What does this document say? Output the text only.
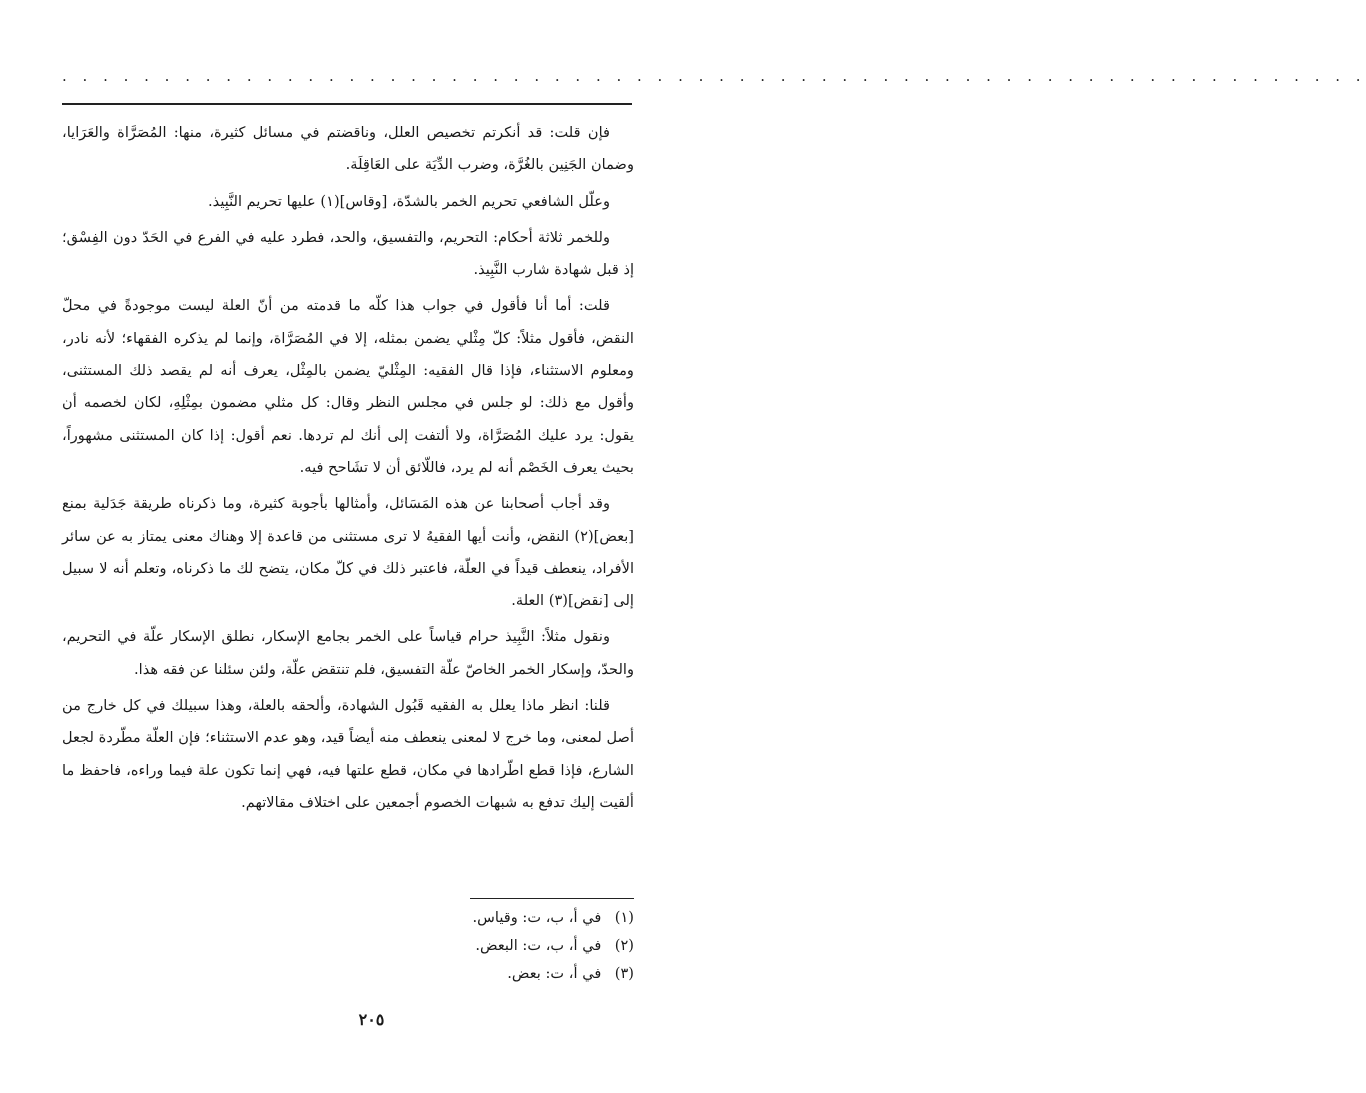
. . . . . . . . . . . . . . . . . . . . . . . . . . . . . . . . . . . . . . . . . . . . . . . . . . . . . . . . . . . . . . . .

فإن قلت: قد أنكرتم تخصيص العلل، وناقضتم في مسائل كثيرة، منها: المُصَرَّاة والعَرَايا، وضمان الجَنِين بالغُرَّة، وضرب الدِّيَة على العَاقِلَة.

وعلّل الشافعي تحريم الخمر بالشدّة، [وقاس](١) عليها تحريم النَّبِيذ.

وللخمر ثلاثة أحكام: التحريم، والتفسيق، والحد، فطرد عليه في الفرع في الحَدّ دون الفِسْق؛ إذ قبل شهادة شارب النَّبِيذ.

قلت: أما أنا فأقول في جواب هذا كلّه ما قدمته من أنّ العلة ليست موجودةً في محلّ النقض، فأقول مثلاً: كلّ مِثْلي يضمن بمثله، إلا في المُصَرَّاة، وإنما لم يذكره الفقهاء؛ لأنه نادر، ومعلوم الاستثناء، فإذا قال الفقيه: المِثْليّ يضمن بالمِثْل، يعرف أنه لم يقصد ذلك المستثنى، وأقول مع ذلك: لو جلس في مجلس النظر وقال: كل مثلي مضمون بمِثْلِهِ، لكان لخصمه أن يقول: يرد عليك المُصَرَّاة، ولا ألتفت إلى أنك لم تردها. نعم أقول: إذا كان المستثنى مشهوراً، بحيث يعرف الخَصْم أنه لم يرد، فاللّائق أن لا تشَاحح فيه.

وقد أجاب أصحابنا عن هذه المَسَائل، وأمثالها بأجوبة كثيرة، وما ذكرناه طريقة جَدَلية بمنع [بعض](٢) النقض، وأنت أيها الفقيهُ لا ترى مستثنى من قاعدة إلا وهناك معنى يمتاز به عن سائر الأفراد، ينعطف قيداً في العلّة، فاعتبر ذلك في كلّ مكان، يتضح لك ما ذكرناه، وتعلم أنه لا سبيل إلى [نقض](٣) العلة.

ونقول مثلاً: النَّبِيذ حرام قياساً على الخمر بجامع الإسكار، نطلق الإسكار علّة في التحريم، والحدّ، وإسكار الخمر الخاصّ علّة التفسيق، فلم تنتقض علّة، ولئن سئلنا عن فقه هذا.

قلنا: انظر ماذا يعلل به الفقيه قَبُول الشهادة، وألحقه بالعلة، وهذا سبيلك في كل خارج من أصل لمعنى، وما خرج لا لمعنى ينعطف منه أيضاً قيد، وهو عدم الاستثناء؛ فإن العلّة مطّردة لجعل الشارع، فإذا قطع اطّرادها في مكان، قطع علتها فيه، فهي إنما تكون علة فيما وراءه، فاحفظ ما ألقيت إليك تدفع به شبهات الخصوم أجمعين على اختلاف مقالاتهم.

(١) في أ، ب، ت: وقياس.
(٢) في أ، ب، ت: البعض.
(٣) في أ، ت: بعض.
٢٠٥
